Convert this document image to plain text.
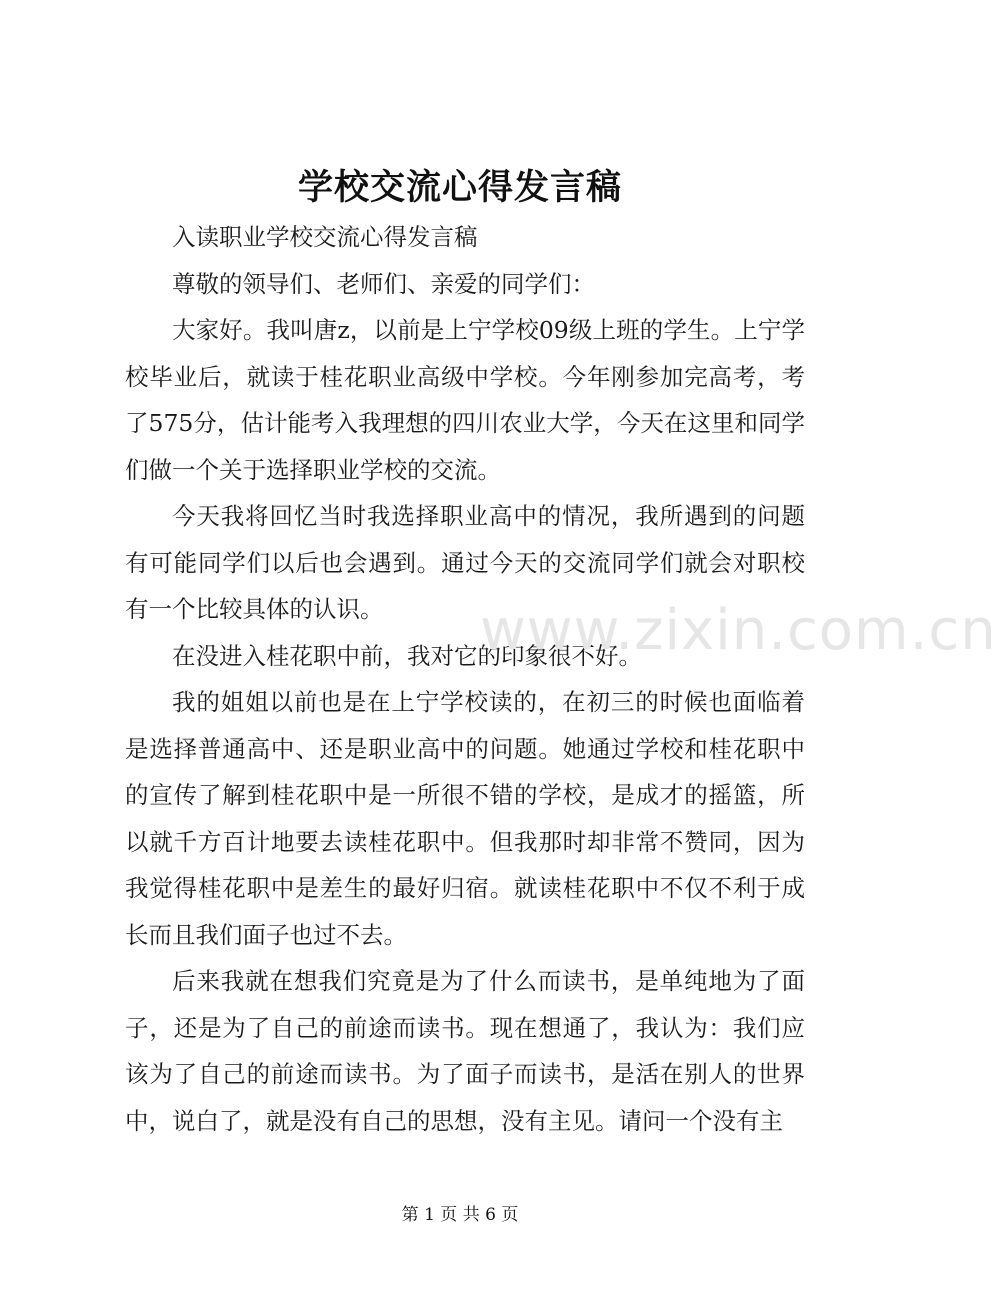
学校交流心得发言稿

入读职业学校交流心得发言稿

尊敬的领导们、老师们、亲爱的同学们：

大家好。我叫唐z，以前是上宁学校09级上班的学生。上宁学校毕业后，就读于桂花职业高级中学校。今年刚参加完高考，考了575分，估计能考入我理想的四川农业大学，今天在这里和同学们做一个关于选择职业学校的交流。

今天我将回忆当时我选择职业高中的情况，我所遇到的问题有可能同学们以后也会遇到。通过今天的交流同学们就会对职校有一个比较具体的认识。

在没进入桂花职中前，我对它的印象很不好。

我的姐姐以前也是在上宁学校读的，在初三的时候也面临着是选择普通高中、还是职业高中的问题。她通过学校和桂花职中的宣传了解到桂花职中是一所很不错的学校，是成才的摇篮，所以就千方百计地要去读桂花职中。但我那时却非常不赞同，因为我觉得桂花职中是差生的最好归宿。就读桂花职中不仅不利于成长而且我们面子也过不去。

后来我就在想我们究竟是为了什么而读书，是单纯地为了面子，还是为了自己的前途而读书。现在想通了，我认为：我们应该为了自己的前途而读书。为了面子而读书，是活在别人的世界中，说白了，就是没有自己的思想，没有主见。请问一个没有主

www.zixin.com.cn
第 1 页 共 6 页
